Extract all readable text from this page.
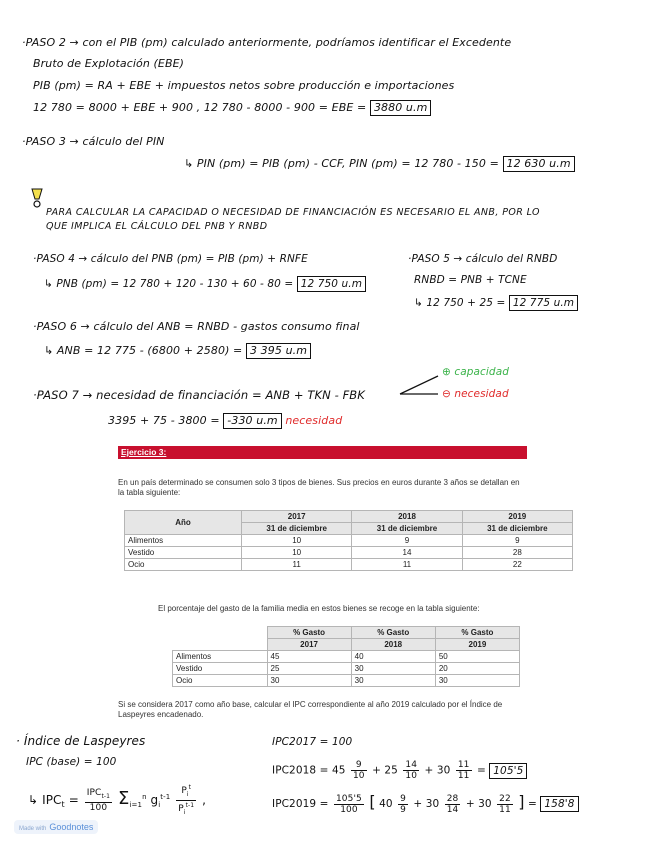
·PASO 2 → con el PIB (pm) calculado anteriormente, podríamos identificar el Excedente
Bruto de Explotación (EBE)
PIB (pm) = RA + EBE + impuestos netos sobre producción e importaciones
12 780 = 8000 + EBE + 900 , 12 780 - 8000 - 900 = EBE = 3880 u.m
·PASO 3 → cálculo del PIN
↳ PIN (pm) = PIB (pm) - CCF, PIN (pm) = 12 780 - 150 = 12 630 u.m
PARA CALCULAR LA CAPACIDAD O NECESIDAD DE FINANCIACIÓN ES NECESARIO EL ANB, POR LO
QUE IMPLICA EL CÁLCULO DEL PNB Y RNBD
·PASO 4 → cálculo del PNB (pm) = PIB (pm) + RNFE
↳ PNB (pm) = 12 780 + 120 - 130 + 60 - 80 = 12 750 u.m
·PASO 5 → cálculo del RNBD
RNBD = PNB + TCNE
↳ 12 750 + 25 = 12 775 u.m
·PASO 6 → cálculo del ANB = RNBD - gastos consumo final
↳ ANB = 12 775 - (6800 + 2580) = 3 395 u.m
·PASO 7 → necesidad de financiación = ANB + TKN - FBK
⊕ capacidad
⊖ necesidad
3395 + 75 - 3800 = -330 u.m necesidad
Ejercicio 3:
En un país determinado se consumen solo 3 tipos de bienes. Sus precios en euros durante 3 años se detallan en la tabla siguiente:
Año	2017	2018	2019
	31 de diciembre	31 de diciembre	31 de diciembre
Alimentos	10	9	9
Vestido	10	14	28
Ocio	11	11	22
El porcentaje del gasto de la familia media en estos bienes se recoge en la tabla siguiente:
	% Gasto	% Gasto	% Gasto
	2017	2018	2019
Alimentos	45	40	50
Vestido	25	30	20
Ocio	30	30	30
Si se considera 2017 como año base, calcular el IPC correspondiente al año 2019 calculado por el Índice de Laspeyres encadenado.
· Índice de Laspeyres
IPC (base) = 100
↳ $IPC_t = \frac{IPC_{t-1}}{100} \Sigma_{i=1}^n$ $g_i^{t-1} \frac{P_i^t}{P_i^{t-1}}$ ,
IPC2017 = 100
$IPC2018 = 45 \frac{9}{10} + 25 \frac{14}{10} + 30 \frac{11}{11} = 105'5$
$IPC2019 = \frac{105'5}{100}$ [ $40 \frac{9}{9} + 30 \frac{28}{14} + 30 \frac{22}{11}$ ] = 158'8
Made with Goodnotes
